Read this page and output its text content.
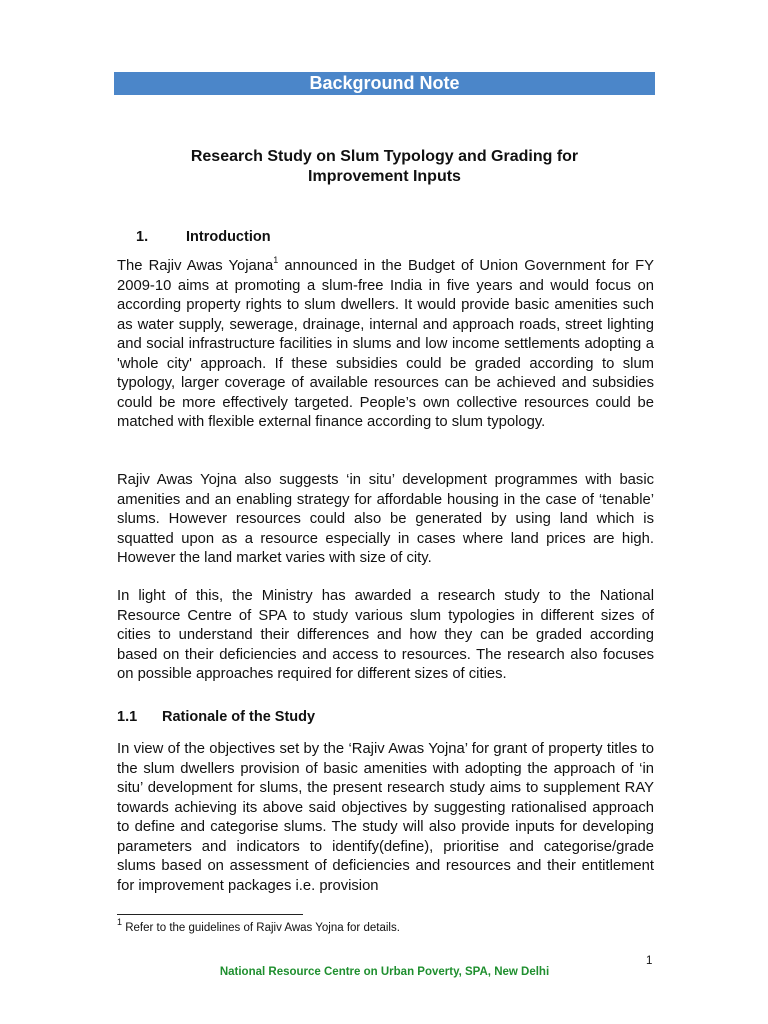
Background Note
Research Study on Slum Typology and Grading for
Improvement Inputs
1.	Introduction

The Rajiv Awas Yojana$^1$ announced in the Budget of Union Government for FY 2009-10 aims at promoting a slum-free India in five years and would focus on according property rights to slum dwellers. It would provide basic amenities such as water supply, sewerage, drainage, internal and approach roads, street lighting and social infrastructure facilities in slums and low income settlements adopting a 'whole city' approach. If these subsidies could be graded according to slum typology, larger coverage of available resources can be achieved and subsidies could be more effectively targeted. People’s own collective resources could be matched with flexible external finance according to slum typology.

Rajiv Awas Yojna also suggests ‘in situ’ development programmes with basic amenities and an enabling strategy for affordable housing in the case of ‘tenable’ slums. However resources could also be generated by using land which is squatted upon as a resource especially in cases where land prices are high. However the land market varies with size of city.

In light of this, the Ministry has awarded a research study to the National Resource Centre of SPA to study various slum typologies in different sizes of cities to understand their differences and how they can be graded according based on their deficiencies and access to resources. The research also focuses on possible approaches required for different sizes of cities.

1.1 Rationale of the Study

In view of the objectives set by the ‘Rajiv Awas Yojna’ for grant of property titles to the slum dwellers provision of basic amenities with adopting the approach of ‘in situ’ development for slums, the present research study aims to supplement RAY towards achieving its above said objectives by suggesting rationalised approach to define and categorise slums. The study will also provide inputs for developing parameters and indicators to identify(define), prioritise and categorise/grade slums based on assessment of deficiencies and resources and their entitlement for improvement packages i.e. provision

$^1$ Refer to the guidelines of Rajiv Awas Yojna for details.
1
National Resource Centre on Urban Poverty, SPA, New Delhi
